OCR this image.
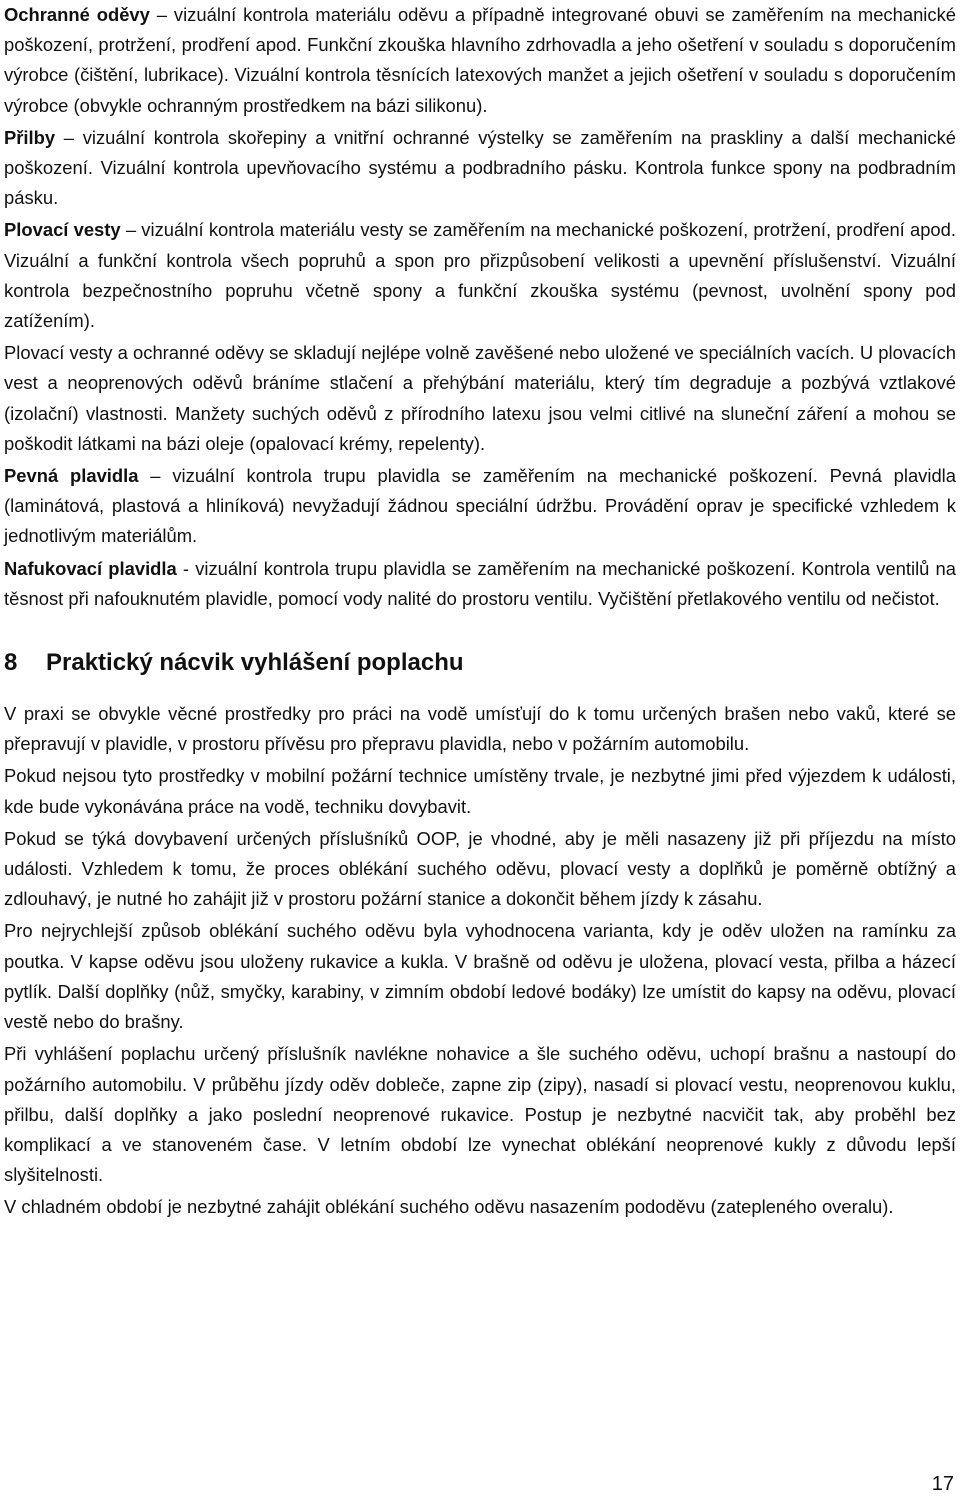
Ochranné oděvy – vizuální kontrola materiálu oděvu a případně integrované obuvi se zaměřením na mechanické poškození, protržení, prodření apod. Funkční zkouška hlavního zdrhovadla a jeho ošetření v souladu s doporučením výrobce (čištění, lubrikace). Vizuální kontrola těsnících latexových manžet a jejich ošetření v souladu s doporučením výrobce (obvykle ochranným prostředkem na bázi silikonu).

Přilby – vizuální kontrola skořepiny a vnitřní ochranné výstelky se zaměřením na praskliny a další mechanické poškození. Vizuální kontrola upevňovacího systému a podbradního pásku. Kontrola funkce spony na podbradním pásku.

Plovací vesty – vizuální kontrola materiálu vesty se zaměřením na mechanické poškození, protržení, prodření apod. Vizuální a funkční kontrola všech popruhů a spon pro přizpůsobení velikosti a upevnění příslušenství. Vizuální kontrola bezpečnostního popruhu včetně spony a funkční zkouška systému (pevnost, uvolnění spony pod zatížením).

Plovací vesty a ochranné oděvy se skladují nejlépe volně zavěšené nebo uložené ve speciálních vacích. U plovacích vest a neoprenových oděvů bráníme stlačení a přehýbání materiálu, který tím degraduje a pozbývá vztlakové (izolační) vlastnosti. Manžety suchých oděvů z přírodního latexu jsou velmi citlivé na sluneční záření a mohou se poškodit látkami na bázi oleje (opalovací krémy, repelenty).

Pevná plavidla – vizuální kontrola trupu plavidla se zaměřením na mechanické poškození. Pevná plavidla (laminátová, plastová a hliníková) nevyžadují žádnou speciální údržbu. Provádění oprav je specifické vzhledem k jednotlivým materiálům.

Nafukovací plavidla - vizuální kontrola trupu plavidla se zaměřením na mechanické poškození. Kontrola ventilů na těsnost při nafouknutém plavidle, pomocí vody nalité do prostoru ventilu. Vyčištění přetlakového ventilu od nečistot.

8	Praktický nácvik vyhlášení poplachu

V praxi se obvykle věcné prostředky pro práci na vodě umísťují do k tomu určených brašen nebo vaků, které se přepravují v plavidle, v prostoru přívěsu pro přepravu plavidla, nebo v požárním automobilu.

Pokud nejsou tyto prostředky v mobilní požární technice umístěny trvale, je nezbytné jimi před výjezdem k události, kde bude vykonávána práce na vodě, techniku dovybavit.

Pokud se týká dovybavení určených příslušníků OOP, je vhodné, aby je měli nasazeny již při příjezdu na místo události. Vzhledem k tomu, že proces oblékání suchého oděvu, plovací vesty a doplňků je poměrně obtížný a zdlouhavý, je nutné ho zahájit již v prostoru požární stanice a dokončit během jízdy k zásahu.

Pro nejrychlejší způsob oblékání suchého oděvu byla vyhodnocena varianta, kdy je oděv uložen na ramínku za poutka. V kapse oděvu jsou uloženy rukavice a kukla. V brašně od oděvu je uložena, plovací vesta, přilba a házecí pytlík. Další doplňky (nůž, smyčky, karabiny, v zimním období ledové bodáky) lze umístit do kapsy na oděvu, plovací vestě nebo do brašny.

Při vyhlášení poplachu určený příslušník navlékne nohavice a šle suchého oděvu, uchopí brašnu a nastoupí do požárního automobilu. V průběhu jízdy oděv dobleče, zapne zip (zipy), nasadí si plovací vestu, neoprenovou kuklu, přilbu, další doplňky a jako poslední neoprenové rukavice. Postup je nezbytné nacvičit tak, aby proběhl bez komplikací a ve stanoveném čase. V letním období lze vynechat oblékání neoprenové kukly z důvodu lepší slyšitelnosti.

V chladném období je nezbytné zahájit oblékání suchého oděvu nasazením pododěvu (zatepleného overalu).

17
